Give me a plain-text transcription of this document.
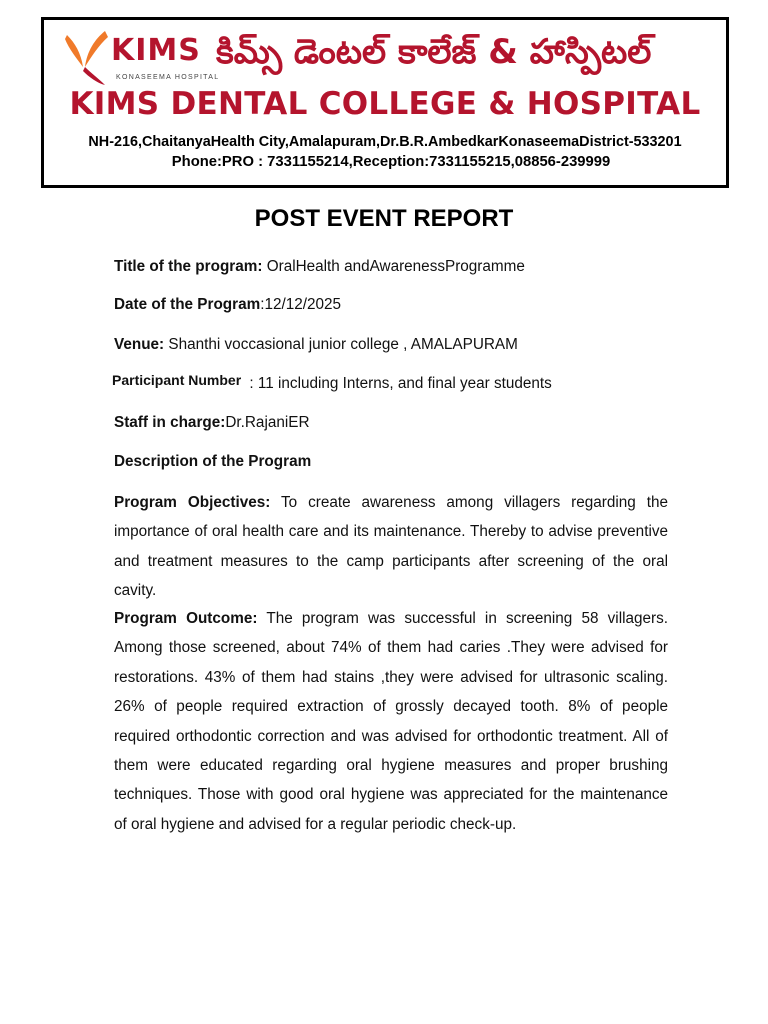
KIMS
KONASEEMA HOSPITAL
కిమ్స్ డెంటల్ కాలేజ్ & హాస్పిటల్
KIMS DENTAL COLLEGE & HOSPITAL
NH-216,ChaitanyaHealth City,Amalapuram,Dr.B.R.AmbedkarKonaseemaDistrict-533201
Phone:PRO : 7331155214,Reception:7331155215,08856-239999
POST EVENT REPORT
Title of the program: OralHealth andAwarenessProgramme
Date of the Program:12/12/2025
Venue: Shanthi voccasional junior college , AMALAPURAM
Participant Number : 11 including Interns, and final year students
Staff in charge:Dr.RajaniER
Description of the Program
Program Objectives: To create awareness among villagers regarding the importance of oral health care and its maintenance. Thereby to advise preventive and treatment measures to the camp participants after screening of the oral cavity.
Program Outcome: The program was successful in screening 58 villagers. Among those screened, about 74% of them had caries .They were advised for restorations. 43% of them had stains ,they were advised for ultrasonic scaling. 26% of people required extraction of grossly decayed tooth. 8% of people required orthodontic correction and was advised for orthodontic treatment. All of them were educated regarding oral hygiene measures and proper brushing techniques. Those with good oral hygiene was appreciated for the maintenance of oral hygiene and advised for a regular periodic check-up.
